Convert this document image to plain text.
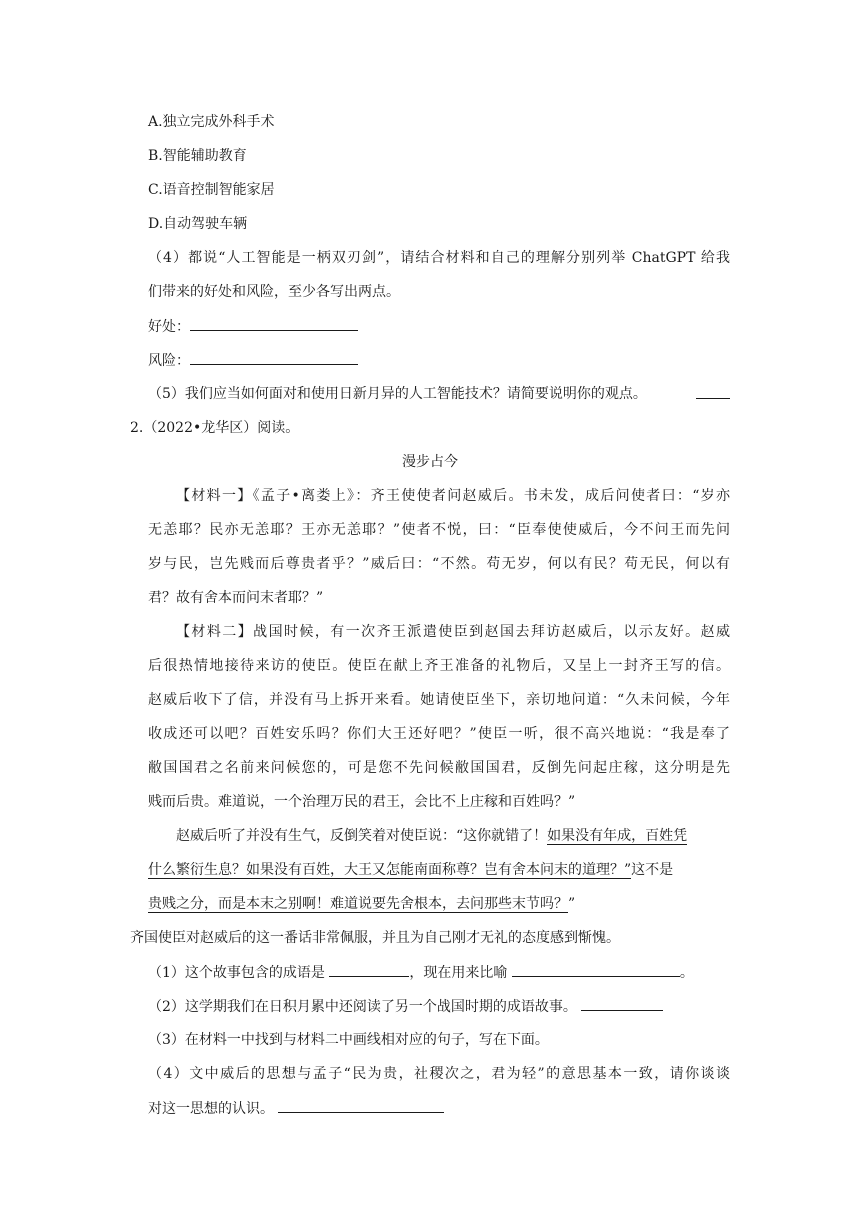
A.独立完成外科手术
B.智能辅助教育
C.语音控制智能家居
D.自动驾驶车辆
（4）都说“人工智能是一柄双刃剑”，请结合材料和自己的理解分别列举 ChatGPT 给我
们带来的好处和风险，至少各写出两点。
好处：
风险：
（5）我们应当如何面对和使用日新月异的人工智能技术？请简要说明你的观点。
2.（2022•龙华区）阅读。
漫步占今
【材料一】《孟子•离娄上》：齐王使使者问赵威后。书未发，成后问使者曰：“岁亦
无恙耶？民亦无恙耶？王亦无恙耶？”使者不悦，曰：“臣奉使使威后，今不问王而先问
岁与民，岂先贱而后尊贵者乎？”威后曰：“不然。苟无岁，何以有民？苟无民，何以有
君？故有舍本而问末者耶？”
【材料二】战国时候，有一次齐王派遣使臣到赵国去拜访赵威后，以示友好。赵威
后很热情地接待来访的使臣。使臣在献上齐王准备的礼物后，又呈上一封齐王写的信。
赵威后收下了信，并没有马上拆开来看。她请使臣坐下，亲切地问道：“久未问候，今年
收成还可以吧？百姓安乐吗？你们大王还好吧？”使臣一听，很不高兴地说：“我是奉了
敝国国君之名前来问候您的，可是您不先问候敝国国君，反倒先问起庄稼，这分明是先
贱而后贵。难道说，一个治理万民的君王，会比不上庄稼和百姓吗？”
赵威后听了并没有生气，反倒笑着对使臣说：“这你就错了！如果没有年成，百姓凭
什么繁衍生息？如果没有百姓，大王又怎能南面称尊？岂有舍本问末的道理？”这不是
贵贱之分，而是本末之别啊！难道说要先舍根本，去问那些末节吗？”
齐国使臣对赵威后的这一番话非常佩服，并且为自己刚才无礼的态度感到惭愧。
（1）这个故事包含的成语是	，现在用来比喻	。
（2）这学期我们在日积月累中还阅读了另一个战国时期的成语故事。
（3）在材料一中找到与材料二中画线相对应的句子，写在下面。
（4）文中威后的思想与孟子“民为贵，社稷次之，君为轻”的意思基本一致，请你谈谈
对这一思想的认识。
